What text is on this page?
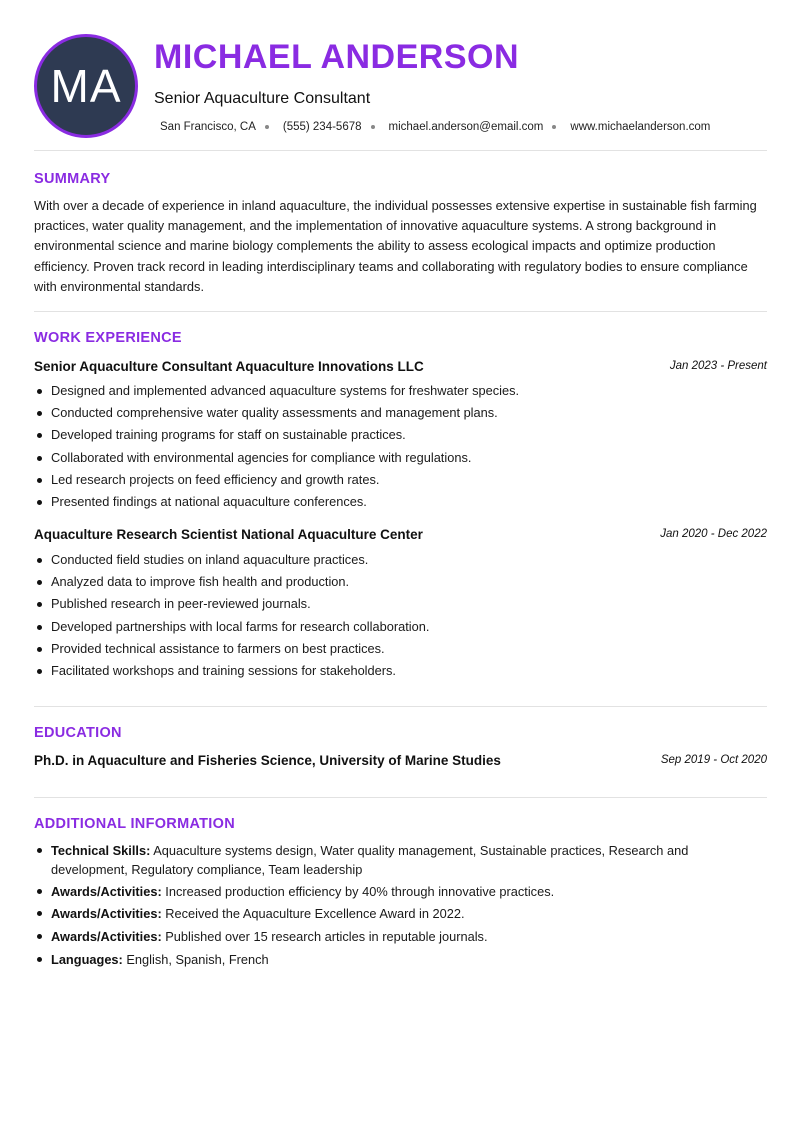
MA
MICHAEL ANDERSON
Senior Aquaculture Consultant
San Francisco, CA (555) 234-5678 michael.anderson@email.com www.michaelanderson.com
SUMMARY
With over a decade of experience in inland aquaculture, the individual possesses extensive expertise in sustainable fish farming practices, water quality management, and the implementation of innovative aquaculture systems. A strong background in environmental science and marine biology complements the ability to assess ecological impacts and optimize production efficiency. Proven track record in leading interdisciplinary teams and collaborating with regulatory bodies to ensure compliance with environmental standards.
WORK EXPERIENCE
Senior Aquaculture Consultant Aquaculture Innovations LLC	Jan 2023 - Present
Designed and implemented advanced aquaculture systems for freshwater species.
Conducted comprehensive water quality assessments and management plans.
Developed training programs for staff on sustainable practices.
Collaborated with environmental agencies for compliance with regulations.
Led research projects on feed efficiency and growth rates.
Presented findings at national aquaculture conferences.
Aquaculture Research Scientist National Aquaculture Center	Jan 2020 - Dec 2022
Conducted field studies on inland aquaculture practices.
Analyzed data to improve fish health and production.
Published research in peer-reviewed journals.
Developed partnerships with local farms for research collaboration.
Provided technical assistance to farmers on best practices.
Facilitated workshops and training sessions for stakeholders.
EDUCATION
Ph.D. in Aquaculture and Fisheries Science, University of Marine Studies	Sep 2019 - Oct 2020
ADDITIONAL INFORMATION
Technical Skills: Aquaculture systems design, Water quality management, Sustainable practices, Research and development, Regulatory compliance, Team leadership
Awards/Activities: Increased production efficiency by 40% through innovative practices.
Awards/Activities: Received the Aquaculture Excellence Award in 2022.
Awards/Activities: Published over 15 research articles in reputable journals.
Languages: English, Spanish, French
